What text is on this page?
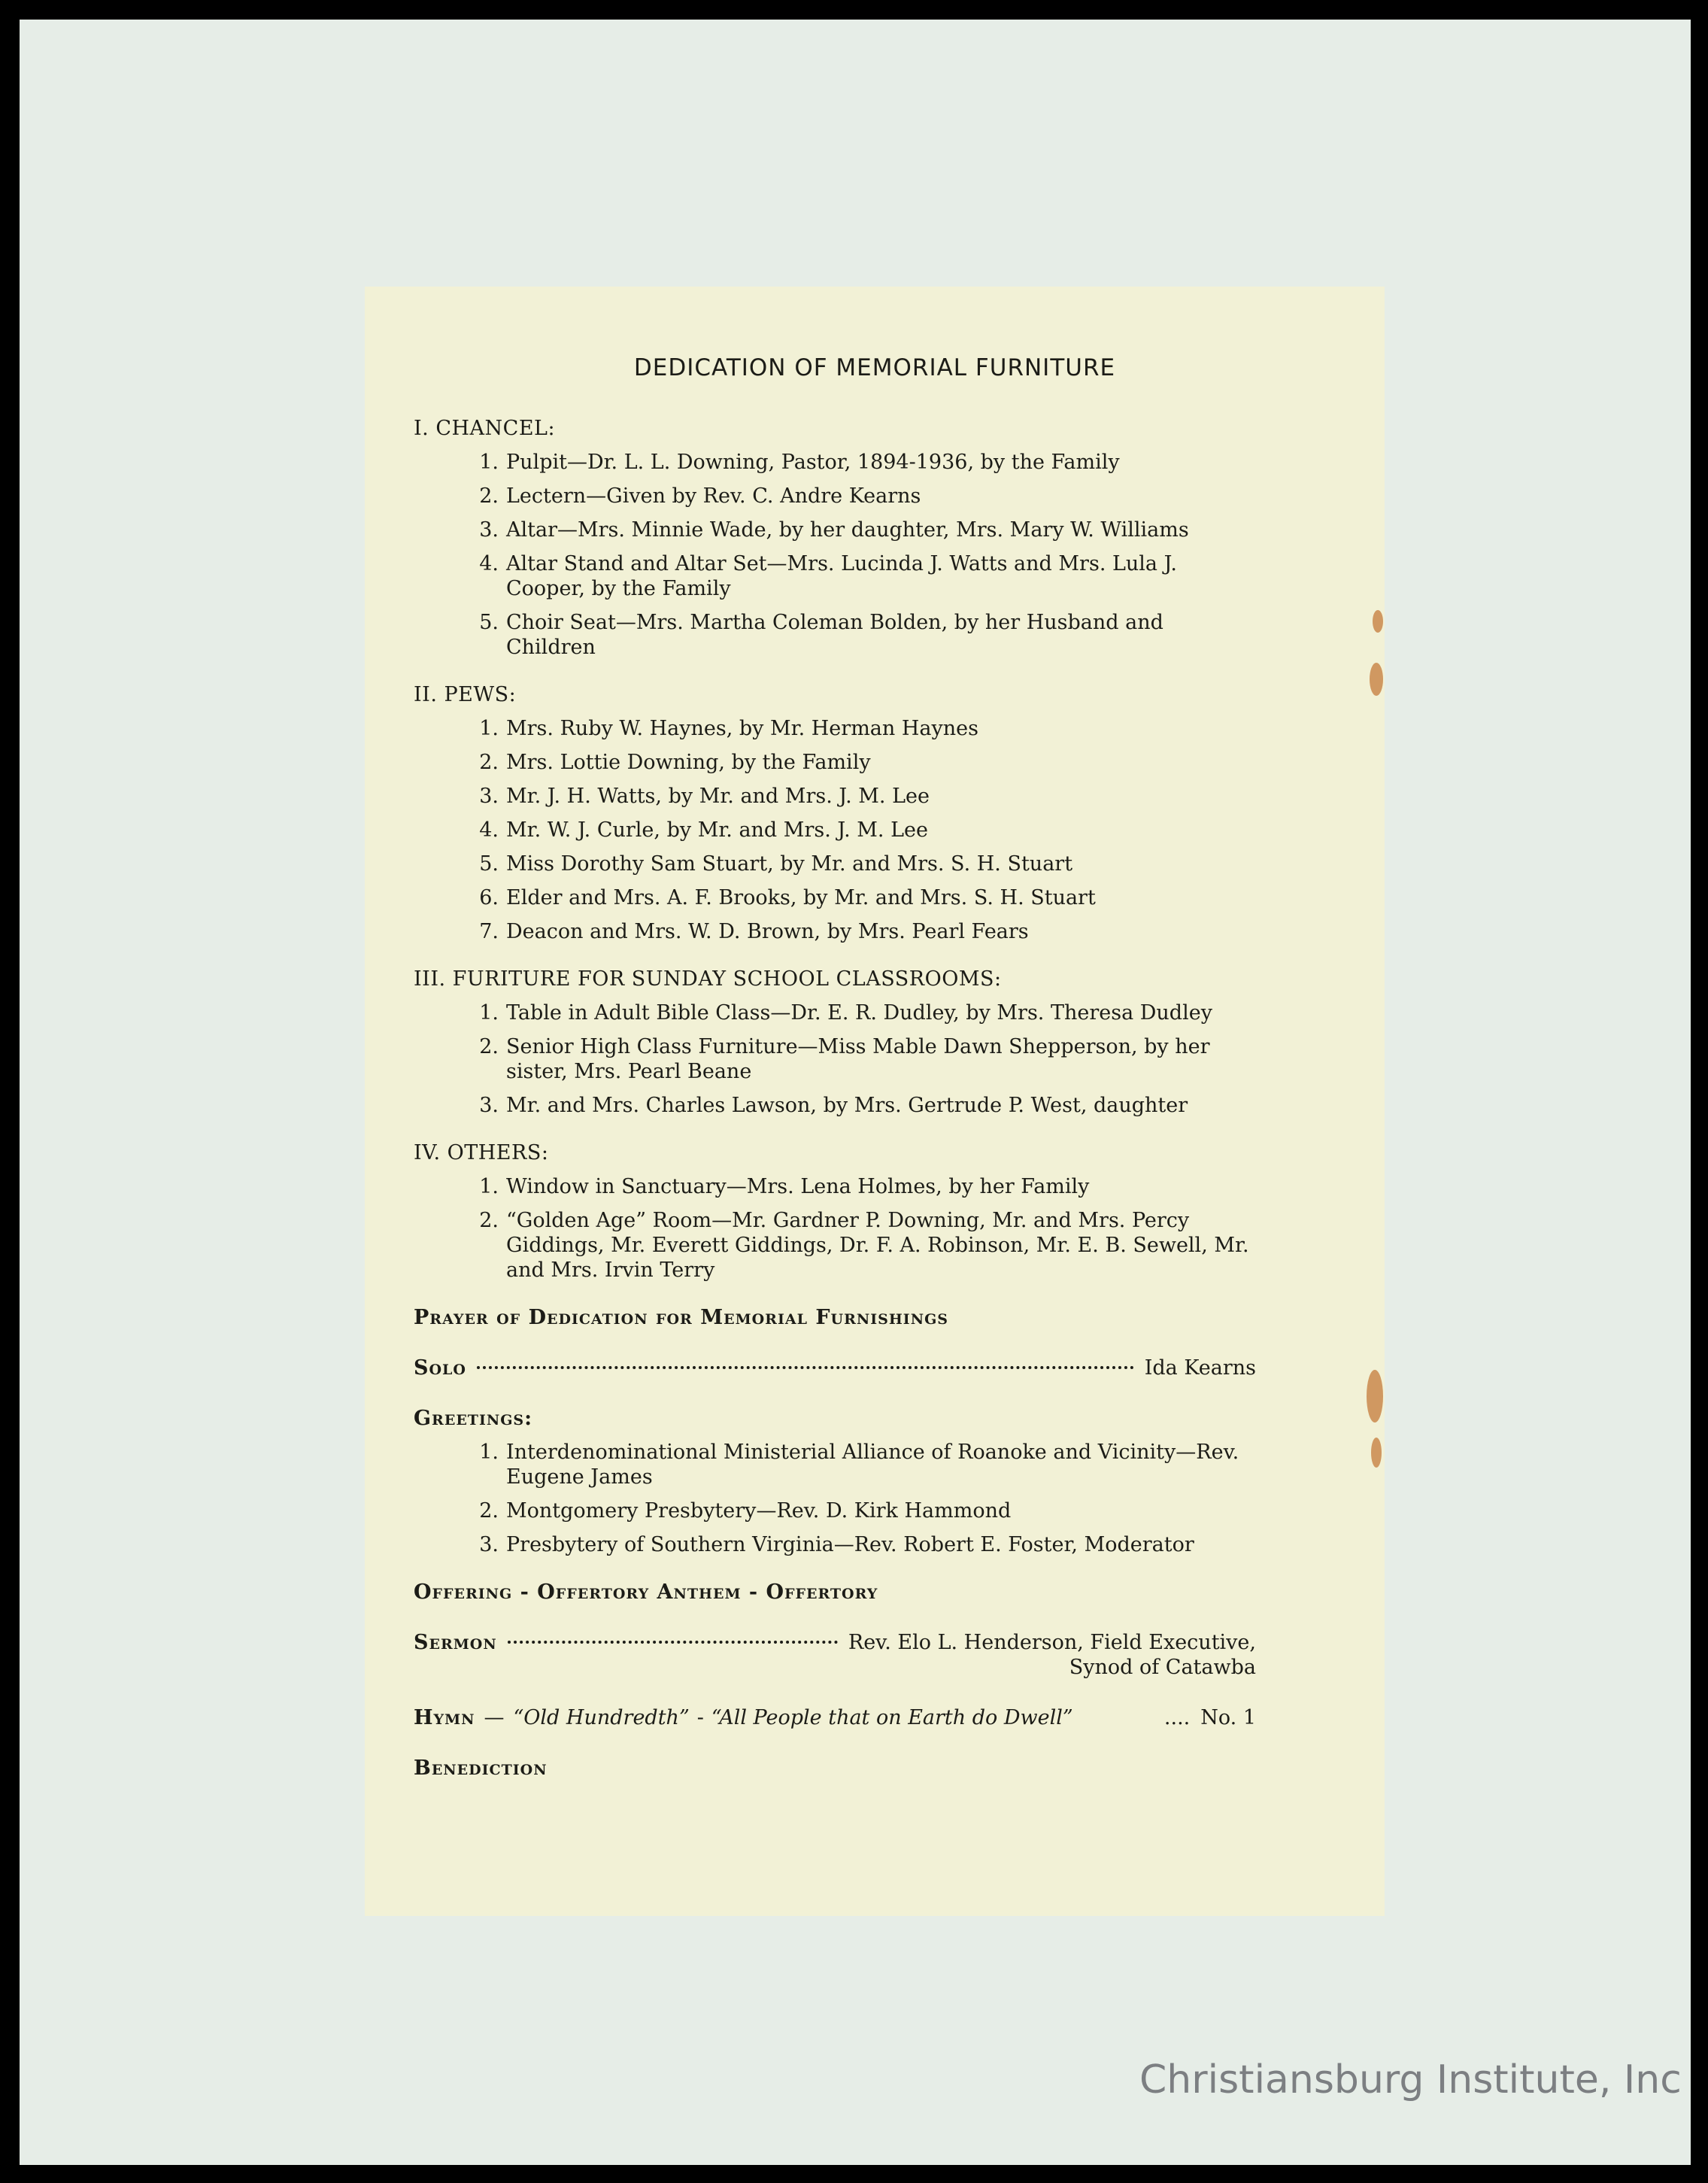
DEDICATION OF MEMORIAL FURNITURE
I. CHANCEL:
1. Pulpit—Dr. L. L. Downing, Pastor, 1894-1936, by the Family
2. Lectern—Given by Rev. C. Andre Kearns
3. Altar—Mrs. Minnie Wade, by her daughter, Mrs. Mary W. Williams
4. Altar Stand and Altar Set—Mrs. Lucinda J. Watts and Mrs. Lula J. Cooper, by the Family
5. Choir Seat—Mrs. Martha Coleman Bolden, by her Husband and Children
II. PEWS:
1. Mrs. Ruby W. Haynes, by Mr. Herman Haynes
2. Mrs. Lottie Downing, by the Family
3. Mr. J. H. Watts, by Mr. and Mrs. J. M. Lee
4. Mr. W. J. Curle, by Mr. and Mrs. J. M. Lee
5. Miss Dorothy Sam Stuart, by Mr. and Mrs. S. H. Stuart
6. Elder and Mrs. A. F. Brooks, by Mr. and Mrs. S. H. Stuart
7. Deacon and Mrs. W. D. Brown, by Mrs. Pearl Fears
III. FURITURE FOR SUNDAY SCHOOL CLASSROOMS:
1. Table in Adult Bible Class—Dr. E. R. Dudley, by Mrs. Theresa Dudley
2. Senior High Class Furniture—Miss Mable Dawn Shepperson, by her sister, Mrs. Pearl Beane
3. Mr. and Mrs. Charles Lawson, by Mrs. Gertrude P. West, daughter
IV. OTHERS:
1. Window in Sanctuary—Mrs. Lena Holmes, by her Family
2. “Golden Age” Room—Mr. Gardner P. Downing, Mr. and Mrs. Percy Giddings, Mr. Everett Giddings, Dr. F. A. Robinson, Mr. E. B. Sewell, Mr. and Mrs. Irvin Terry
Prayer of Dedication for Memorial Furnishings
Solo	Ida Kearns
Greetings:
1. Interdenominational Ministerial Alliance of Roanoke and Vicinity—Rev. Eugene James
2. Montgomery Presbytery—Rev. D. Kirk Hammond
3. Presbytery of Southern Virginia—Rev. Robert E. Foster, Moderator
Offering - Offertory Anthem - Offertory
Sermon	Rev. Elo L. Henderson, Field Executive,
Synod of Catawba
Hymn — “Old Hundredth” - “All People that on Earth do Dwell”	.... No. 1
Benediction
Christiansburg Institute, Inc
